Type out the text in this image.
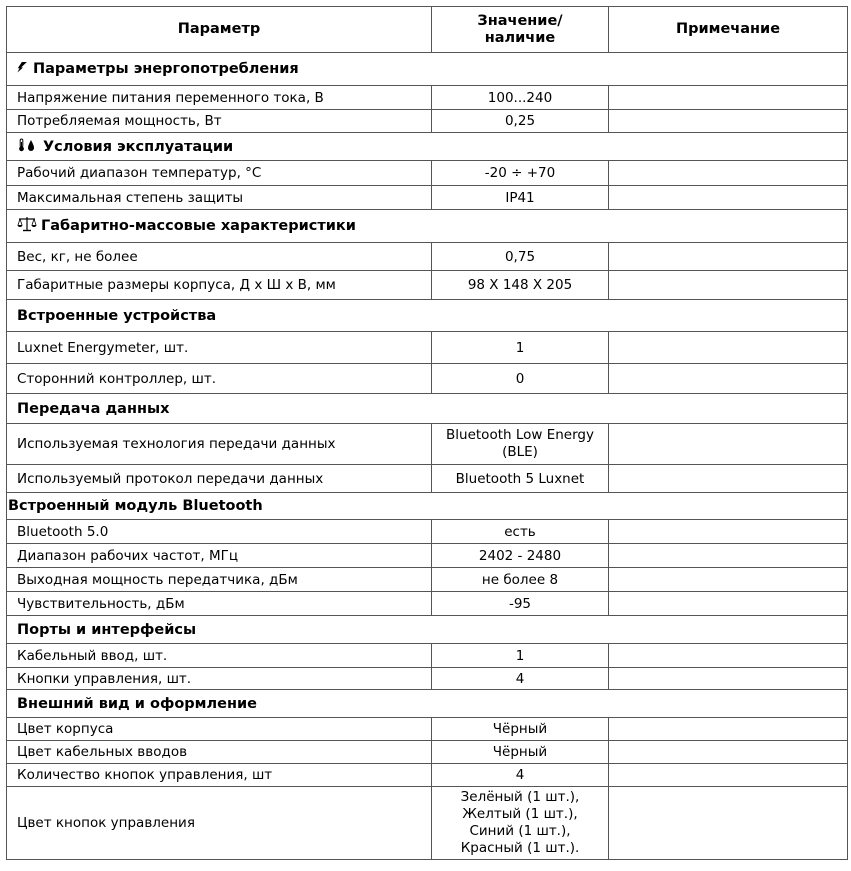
Параметр	Значение/ наличие	Примечание
Параметры энергопотребления		
Напряжение питания переменного тока, В	100...240	
Потребляемая мощность, Вт	0,25	
Условия эксплуатации		
Рабочий диапазон температур, °С	-20 ÷ +70	
Максимальная степень защиты	IP41	
Габаритно-массовые характеристики		
Вес, кг, не более	0,75	
Габаритные размеры корпуса, Д х Ш х В, мм	98 X 148 X 205	
Встроенные устройства		
Luxnet Energymeter, шт.	1	
Сторонний контроллер, шт.	0	
Передача данных		
Используемая технология передачи данных	Bluetooth Low Energy (BLE)	
Используемый протокол передачи данных	Bluetooth 5 Luxnet	
Встроенный модуль Bluetooth		
Bluetooth 5.0	есть	
Диапазон рабочих частот, МГц	2402 - 2480	
Выходная мощность передатчика, дБм	не более 8	
Чувствительность, дБм	-95	
Порты и интерфейсы		
Кабельный ввод, шт.	1	
Кнопки управления, шт.	4	
Внешний вид и оформление		
Цвет корпуса	Чёрный	
Цвет кабельных вводов	Чёрный	
Количество кнопок управления, шт	4	
Цвет кнопок управления	Зелёный (1 шт.), Желтый (1 шт.), Синий (1 шт.), Красный (1 шт.).	
